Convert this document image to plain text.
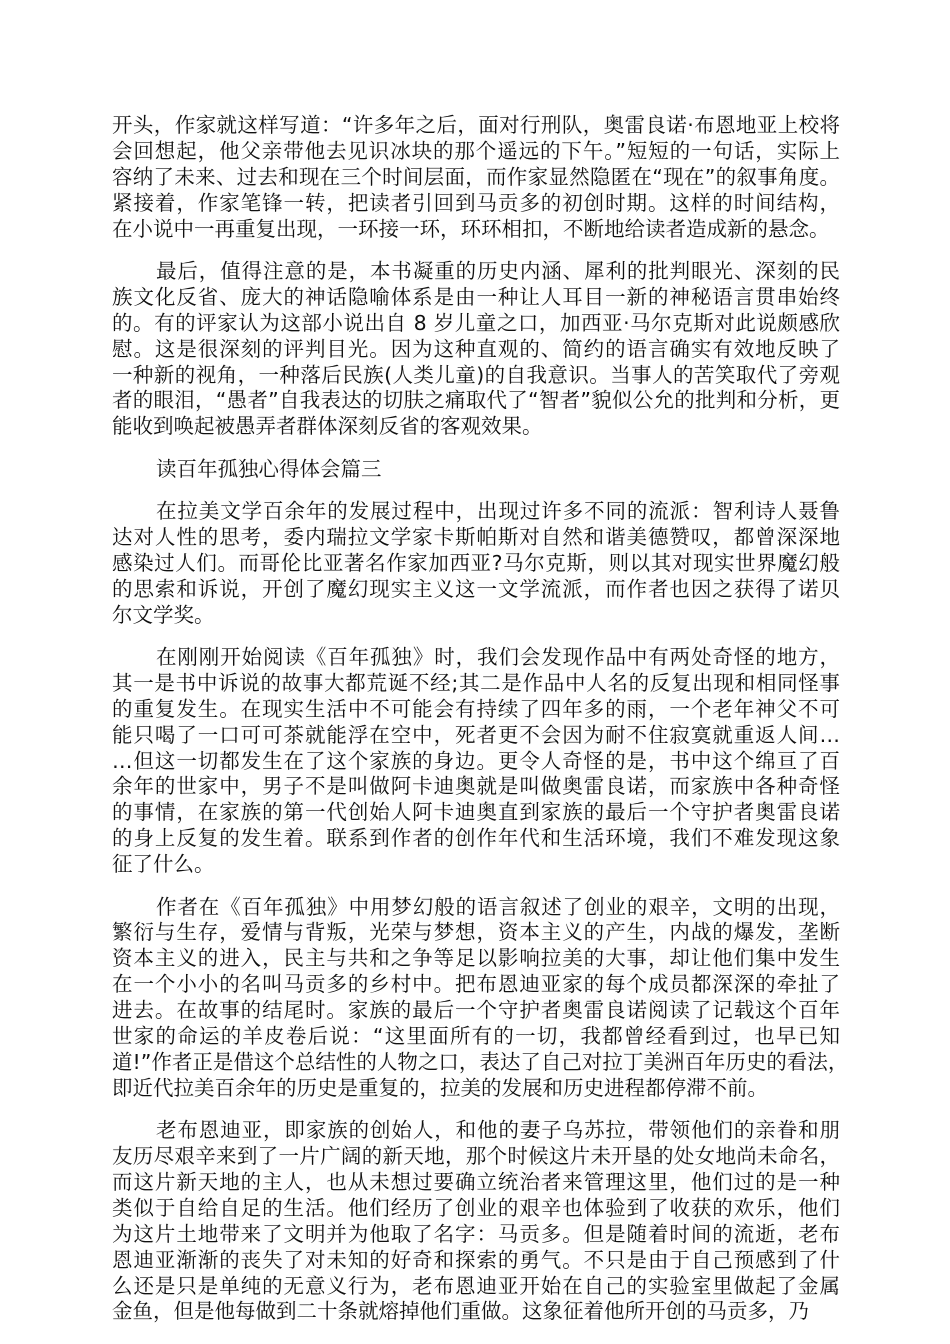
开头，作家就这样写道：“许多年之后，面对行刑队，奥雷良诺·布恩地亚上校将
会回想起，他父亲带他去见识冰块的那个遥远的下午。”短短的一句话，实际上
容纳了未来、过去和现在三个时间层面，而作家显然隐匿在“现在”的叙事角度。
紧接着，作家笔锋一转，把读者引回到马贡多的初创时期。这样的时间结构，
在小说中一再重复出现，一环接一环，环环相扣，不断地给读者造成新的悬念。
最后，值得注意的是，本书凝重的历史内涵、犀利的批判眼光、深刻的民
族文化反省、庞大的神话隐喻体系是由一种让人耳目一新的神秘语言贯串始终
的。有的评家认为这部小说出自 8 岁儿童之口，加西亚·马尔克斯对此说颇感欣
慰。这是很深刻的评判目光。因为这种直观的、简约的语言确实有效地反映了
一种新的视角，一种落后民族(人类儿童)的自我意识。当事人的苦笑取代了旁观
者的眼泪，“愚者”自我表达的切肤之痛取代了“智者”貌似公允的批判和分析，更
能收到唤起被愚弄者群体深刻反省的客观效果。
读百年孤独心得体会篇三
在拉美文学百余年的发展过程中，出现过许多不同的流派：智利诗人聂鲁
达对人性的思考，委内瑞拉文学家卡斯帕斯对自然和谐美德赞叹，都曾深深地
感染过人们。而哥伦比亚著名作家加西亚?马尔克斯，则以其对现实世界魔幻般
的思索和诉说，开创了魔幻现实主义这一文学流派，而作者也因之获得了诺贝
尔文学奖。
在刚刚开始阅读《百年孤独》时，我们会发现作品中有两处奇怪的地方，
其一是书中诉说的故事大都荒诞不经;其二是作品中人名的反复出现和相同怪事
的重复发生。在现实生活中不可能会有持续了四年多的雨，一个老年神父不可
能只喝了一口可可茶就能浮在空中，死者更不会因为耐不住寂寞就重返人间…
…但这一切都发生在了这个家族的身边。更令人奇怪的是，书中这个绵亘了百
余年的世家中，男子不是叫做阿卡迪奥就是叫做奥雷良诺，而家族中各种奇怪
的事情，在家族的第一代创始人阿卡迪奥直到家族的最后一个守护者奥雷良诺
的身上反复的发生着。联系到作者的创作年代和生活环境，我们不难发现这象
征了什么。
作者在《百年孤独》中用梦幻般的语言叙述了创业的艰辛，文明的出现，
繁衍与生存，爱情与背叛，光荣与梦想，资本主义的产生，内战的爆发，垄断
资本主义的进入，民主与共和之争等足以影响拉美的大事，却让他们集中发生
在一个小小的名叫马贡多的乡村中。把布恩迪亚家的每个成员都深深的牵扯了
进去。在故事的结尾时。家族的最后一个守护者奥雷良诺阅读了记载这个百年
世家的命运的羊皮卷后说：“这里面所有的一切，我都曾经看到过，也早已知
道!”作者正是借这个总结性的人物之口，表达了自己对拉丁美洲百年历史的看法，
即近代拉美百余年的历史是重复的，拉美的发展和历史进程都停滞不前。
老布恩迪亚，即家族的创始人，和他的妻子乌苏拉，带领他们的亲眷和朋
友历尽艰辛来到了一片广阔的新天地，那个时候这片未开垦的处女地尚未命名，
而这片新天地的主人，也从未想过要确立统治者来管理这里，他们过的是一种
类似于自给自足的生活。他们经历了创业的艰辛也体验到了收获的欢乐，他们
为这片土地带来了文明并为他取了名字：马贡多。但是随着时间的流逝，老布
恩迪亚渐渐的丧失了对未知的好奇和探索的勇气。不只是由于自己预感到了什
么还是只是单纯的无意义行为，老布恩迪亚开始在自己的实验室里做起了金属
金鱼，但是他每做到二十条就熔掉他们重做。这象征着他所开创的马贡多，乃
